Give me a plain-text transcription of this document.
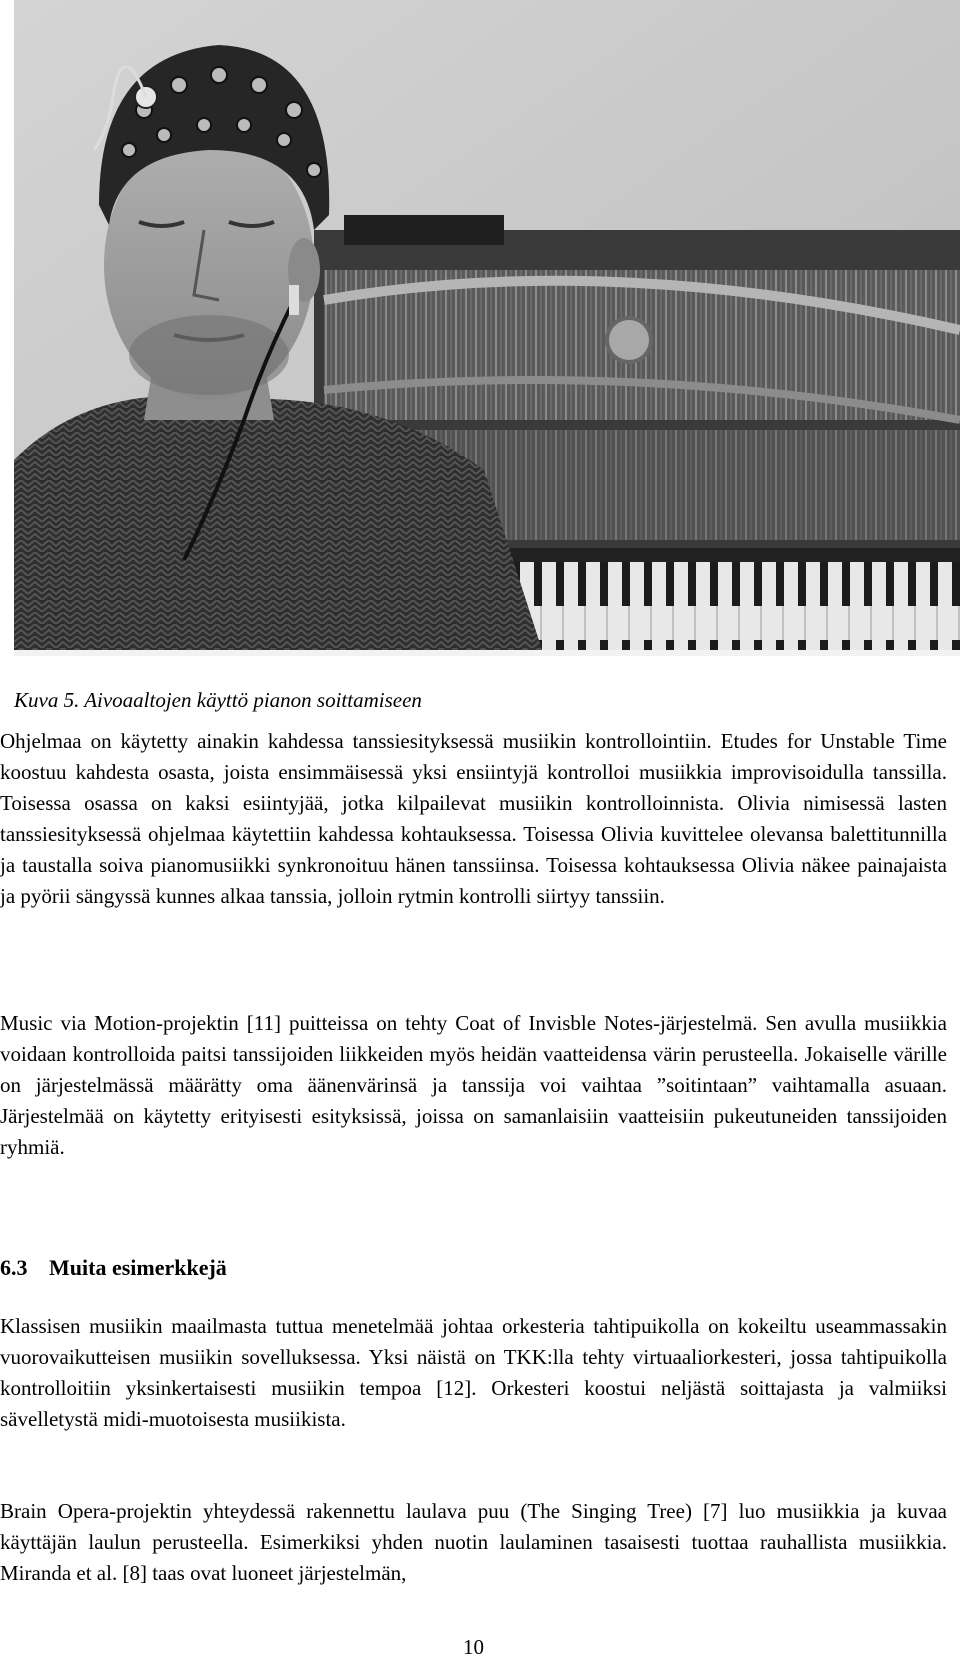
Kuva 5. Aivoaaltojen käyttö pianon soittamiseen
Ohjelmaa on käytetty ainakin kahdessa tanssiesityksessä musiikin kontrollointiin. Etudes for Unstable Time koostuu kahdesta osasta, joista ensimmäisessä yksi ensiintyjä kontrolloi musiikkia improvisoidulla tanssilla. Toisessa osassa on kaksi esiintyjää, jotka kilpailevat musiikin kontrolloinnista. Olivia nimisessä lasten tanssiesityksessä ohjelmaa käytettiin kahdessa kohtauksessa. Toisessa Olivia kuvittelee olevansa balettitunnilla ja taustalla soiva pianomusiikki synkronoituu hänen tanssiinsa. Toisessa kohtauksessa Olivia näkee painajaista ja pyörii sängyssä kunnes alkaa tanssia, jolloin rytmin kontrolli siirtyy tanssiin.
Music via Motion-projektin [11] puitteissa on tehty Coat of Invisble Notes-järjestelmä. Sen avulla musiikkia voidaan kontrolloida paitsi tanssijoiden liikkeiden myös heidän vaatteidensa värin perusteella. Jokaiselle värille on järjestelmässä määrätty oma äänenvärinsä ja tanssija voi vaihtaa ”soitintaan” vaihtamalla asuaan. Järjestelmää on käytetty erityisesti esityksissä, joissa on samanlaisiin vaatteisiin pukeutuneiden tanssijoiden ryhmiä.
6.3 Muita esimerkkejä
Klassisen musiikin maailmasta tuttua menetelmää johtaa orkesteria tahtipuikolla on kokeiltu useammassakin vuorovaikutteisen musiikin sovelluksessa. Yksi näistä on TKK:lla tehty virtuaaliorkesteri, jossa tahtipuikolla kontrolloitiin yksinkertaisesti musiikin tempoa [12]. Orkesteri koostui neljästä soittajasta ja valmiiksi sävelletystä midi-muotoisesta musiikista.
Brain Opera-projektin yhteydessä rakennettu laulava puu (The Singing Tree) [7] luo musiikkia ja kuvaa käyttäjän laulun perusteella. Esimerkiksi yhden nuotin laulaminen tasaisesti tuottaa rauhallista musiikkia. Miranda et al. [8] taas ovat luoneet järjestelmän,
10
